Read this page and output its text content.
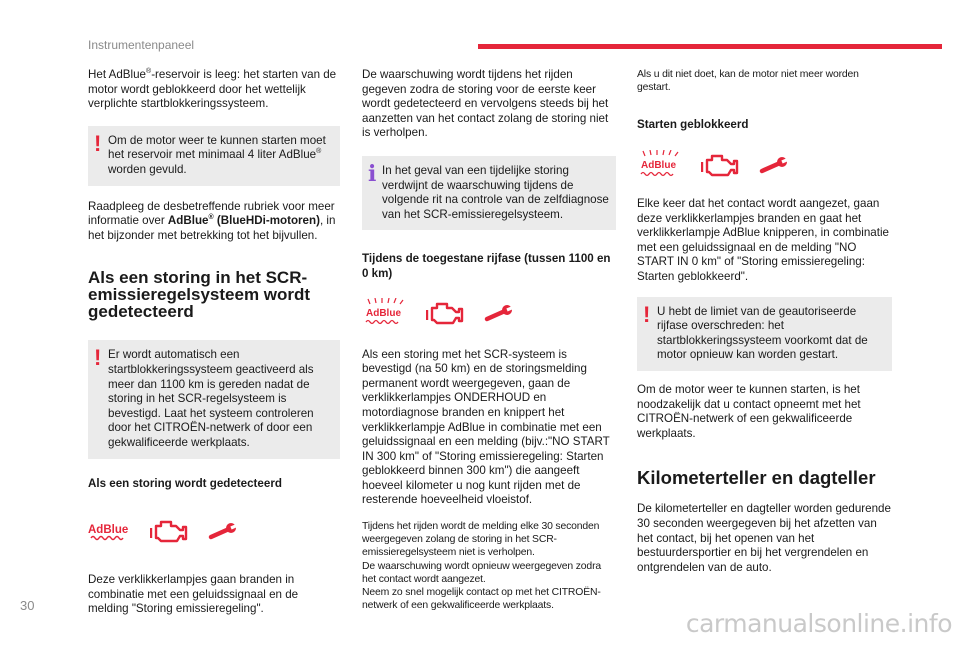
Instrumentenpaneel

Het AdBlue®-reservoir is leeg: het starten van de motor wordt geblokkeerd door het wettelijk verplichte startblokkeringssysteem.

! Om de motor weer te kunnen starten moet het reservoir met minimaal 4 liter AdBlue® worden gevuld.

Raadpleeg de desbetreffende rubriek voor meer informatie over AdBlue® (BlueHDi-motoren), in het bijzonder met betrekking tot het bijvullen.

Als een storing in het SCR-emissieregelsysteem wordt gedetecteerd
! Er wordt automatisch een startblokkeringssysteem geactiveerd als meer dan 1100 km is gereden nadat de storing in het SCR-regelsysteem is bevestigd. Laat het systeem controleren door het CITROËN-netwerk of door een gekwalificeerde werkplaats.

Als een storing wordt gedetecteerd
AdBlue

Deze verklikkerlampjes gaan branden in combinatie met een geluidssignaal en de melding "Storing emissieregeling".

De waarschuwing wordt tijdens het rijden gegeven zodra de storing voor de eerste keer wordt gedetecteerd en vervolgens steeds bij het aanzetten van het contact zolang de storing niet is verholpen.

i In het geval van een tijdelijke storing verdwijnt de waarschuwing tijdens de volgende rit na controle van de zelfdiagnose van het SCR-emissieregelsysteem.

Tijdens de toegestane rijfase (tussen 1100 en 0 km)
AdBlue

Als een storing met het SCR-systeem is bevestigd (na 50 km) en de storingsmelding permanent wordt weergegeven, gaan de verklikkerlampjes ONDERHOUD en motordiagnose branden en knippert het verklikkerlampje AdBlue in combinatie met een geluidssignaal en een melding (bijv.:"NO START IN 300 km" of "Storing emissieregeling: Starten geblokkeerd binnen 300 km") die aangeeft hoeveel kilometer u nog kunt rijden met de resterende hoeveelheid vloeistof.

Tijdens het rijden wordt de melding elke 30 seconden weergegeven zolang de storing in het SCR-emissieregelsysteem niet is verholpen.

De waarschuwing wordt opnieuw weergegeven zodra het contact wordt aangezet.

Neem zo snel mogelijk contact op met het CITROËN-netwerk of een gekwalificeerde werkplaats.

Als u dit niet doet, kan de motor niet meer worden gestart.

Starten geblokkeerd
AdBlue

Elke keer dat het contact wordt aangezet, gaan deze verklikkerlampjes branden en gaat het verklikkerlampje AdBlue knipperen, in combinatie met een geluidssignaal en de melding "NO START IN 0 km" of "Storing emissieregeling: Starten geblokkeerd".

! U hebt de limiet van de geautoriseerde rijfase overschreden: het startblokkeringssysteem voorkomt dat de motor opnieuw kan worden gestart.

Om de motor weer te kunnen starten, is het noodzakelijk dat u contact opneemt met het CITROËN-netwerk of een gekwalificeerde werkplaats.

Kilometerteller en dagteller

De kilometerteller en dagteller worden gedurende 30 seconden weergegeven bij het afzetten van het contact, bij het openen van het bestuurdersportier en bij het vergrendelen en ontgrendelen van de auto.

30
carmanualsonline.info
